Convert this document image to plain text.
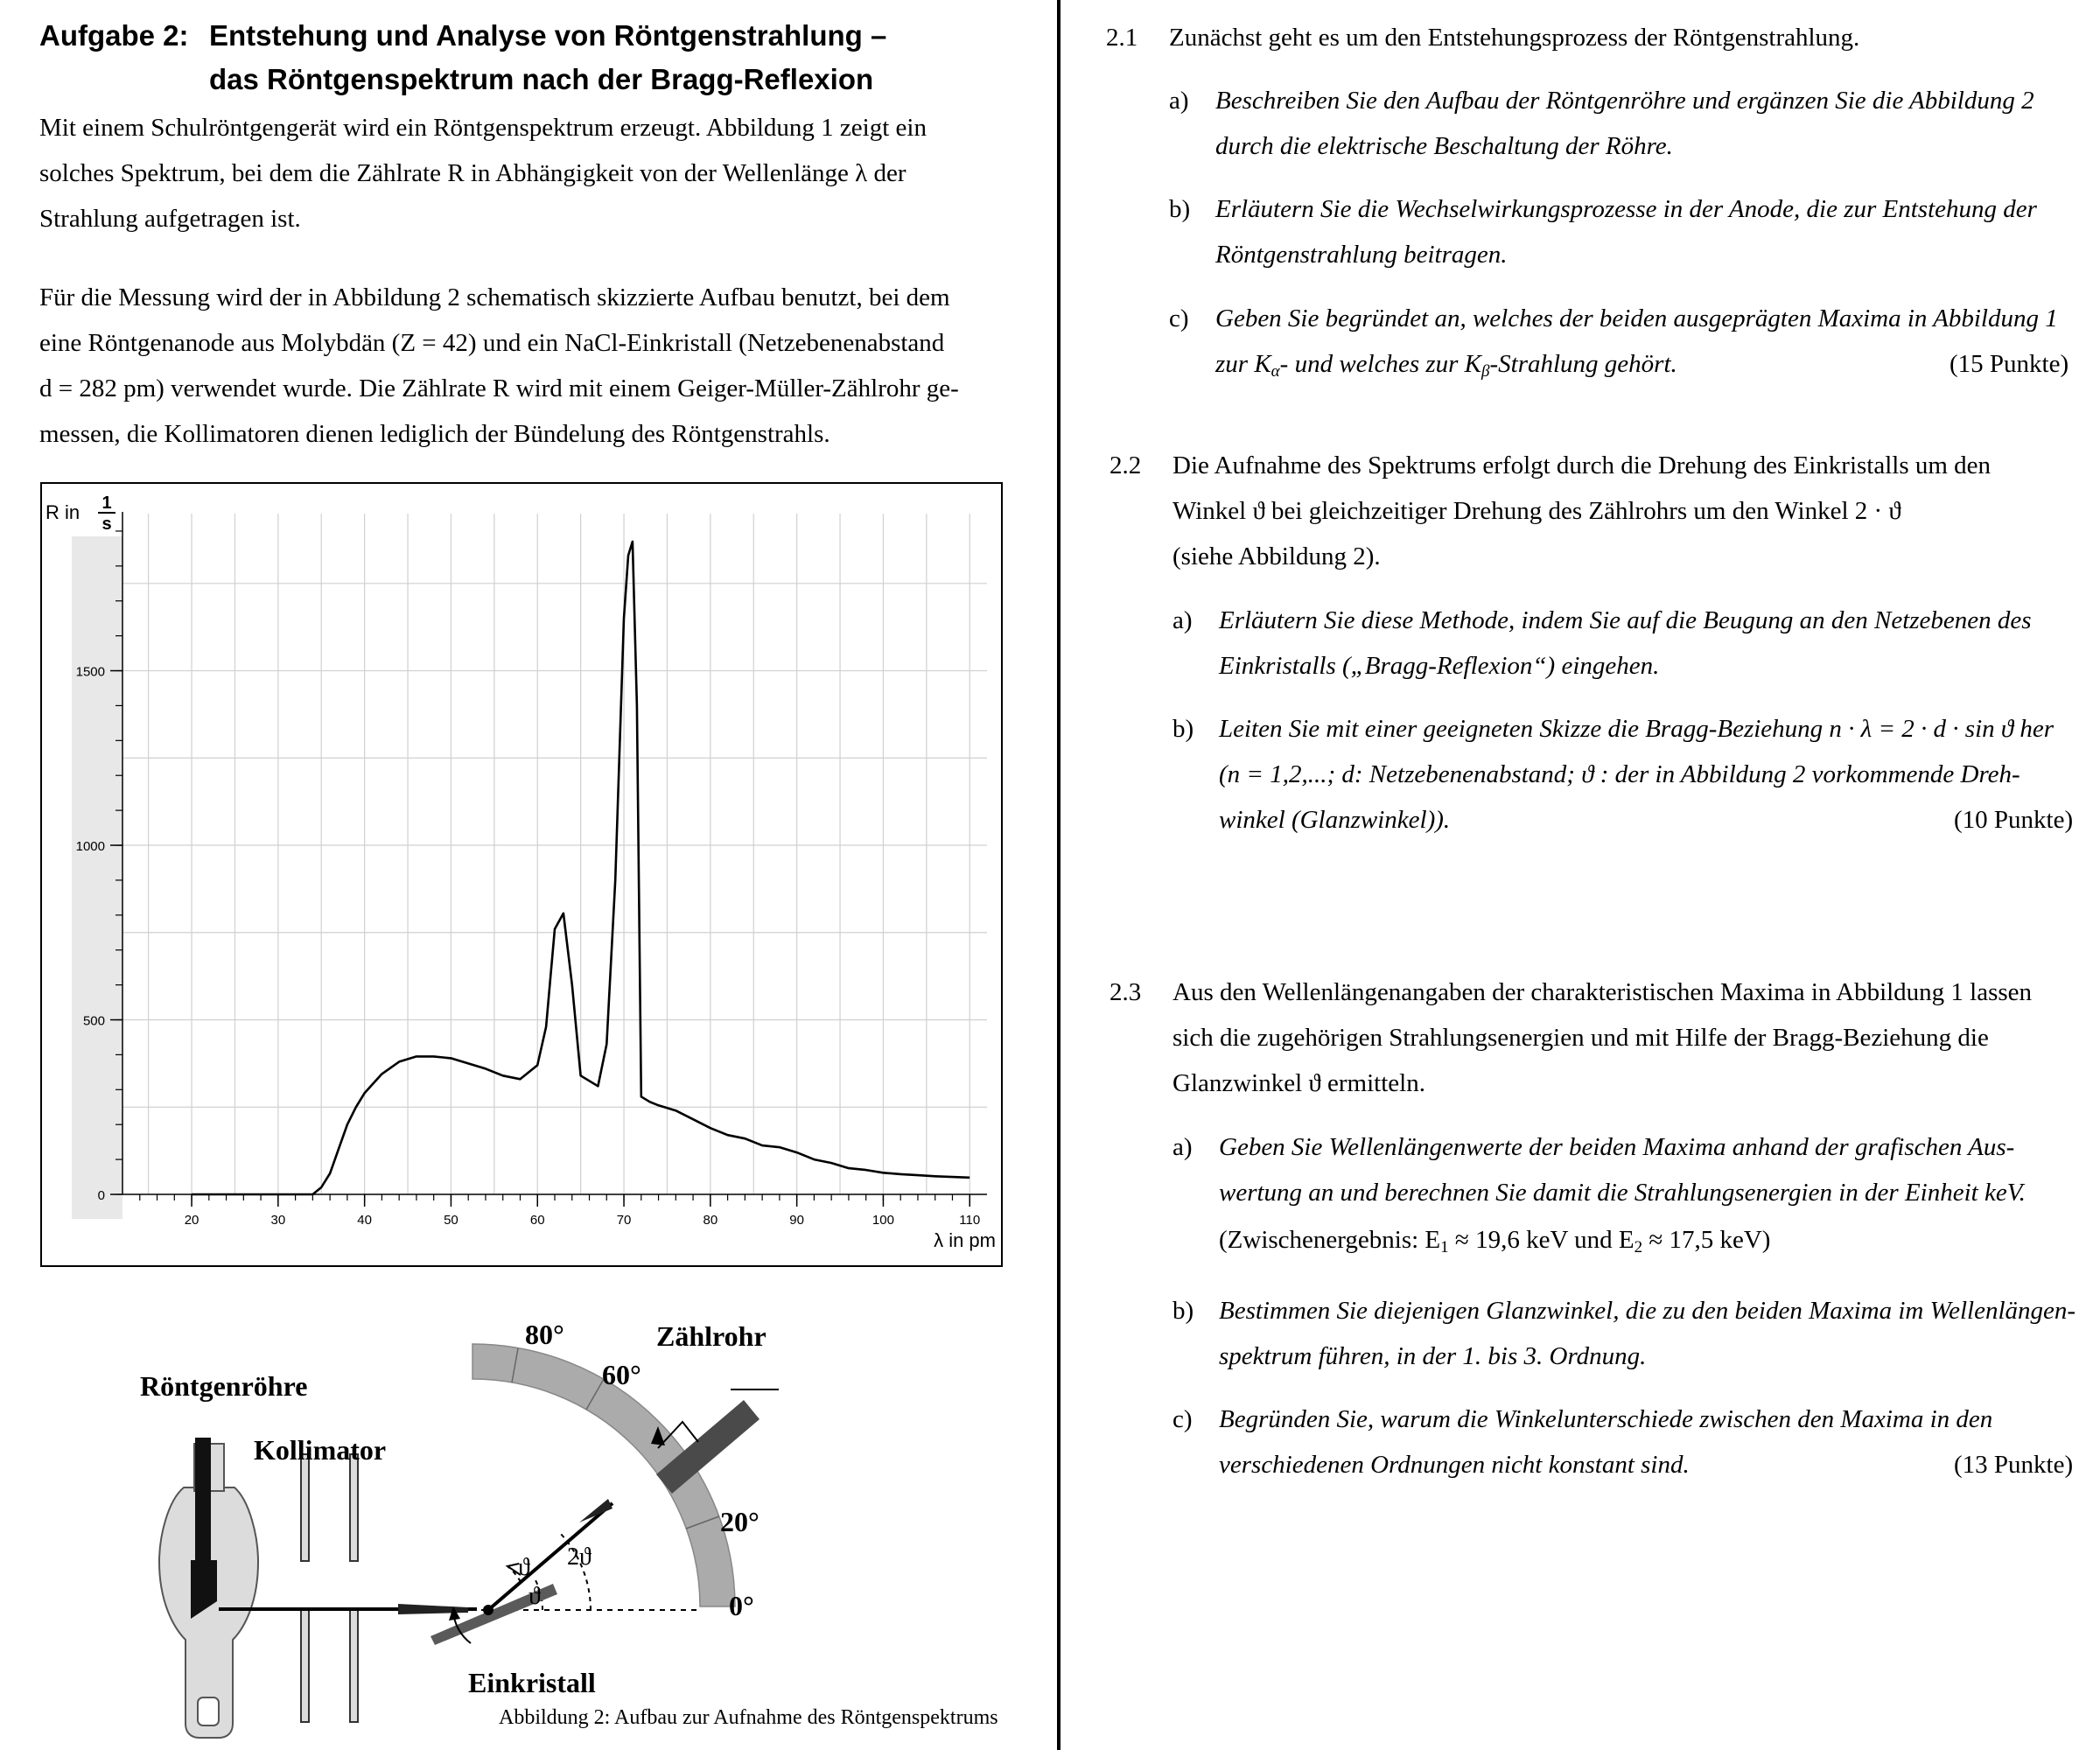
Aufgabe 2: Entstehung und Analyse von Röntgenstrahlung –
das Röntgenspektrum nach der Bragg-Reflexion

Mit einem Schulröntgengerät wird ein Röntgenspektrum erzeugt. Abbildung 1 zeigt ein

solches Spektrum, bei dem die Zählrate R in Abhängigkeit von der Wellenlänge λ der

Strahlung aufgetragen ist.

Für die Messung wird der in Abbildung 2 schematisch skizzierte Aufbau benutzt, bei dem

eine Röntgenanode aus Molybdän (Z = 42) und ein NaCl-Einkristall (Netzebenenabstand

d = 282 pm) verwendet wurde. Die Zählrate R wird mit einem Geiger-Müller-Zählrohr ge-

messen, die Kollimatoren dienen lediglich der Bündelung des Röntgenstrahls.

0
500
1000
1500
20	30	40	50	60	70	80	90	100	110
R in 1
s
λ in pm
80°
60°
20°
0°
Röntgenröhre
Kollimator
Zählrohr
Einkristall
2ϑ
ϑ
ϑ
Abbildung 2: Aufbau zur Aufnahme des Röntgenspektrums
2.1 Zunächst geht es um den Entstehungsprozess der Röntgenstrahlung.
a) Beschreiben Sie den Aufbau der Röntgenröhre und ergänzen Sie die Abbildung 2
durch die elektrische Beschaltung der Röhre.
b) Erläutern Sie die Wechselwirkungsprozesse in der Anode, die zur Entstehung der
Röntgenstrahlung beitragen.
c) Geben Sie begründet an, welches der beiden ausgeprägten Maxima in Abbildung 1
zur $K_\alpha-$ und welches zur $K_\beta$-Strahlung gehört.	(15 Punkte)
2.2 Die Aufnahme des Spektrums erfolgt durch die Drehung des Einkristalls um den
Winkel ϑ bei gleichzeitiger Drehung des Zählrohrs um den Winkel 2 · ϑ
(siehe Abbildung 2).
a) Erläutern Sie diese Methode, indem Sie auf die Beugung an den Netzebenen des
Einkristalls („Bragg-Reflexion“) eingehen.
b) Leiten Sie mit einer geeigneten Skizze die Bragg-Beziehung n · λ = 2 · d · sin ϑ her
(n = 1,2,...; d: Netzebenenabstand; ϑ : der in Abbildung 2 vorkommende Dreh-
winkel (Glanzwinkel)).	(10 Punkte)
2.3 Aus den Wellenlängenangaben der charakteristischen Maxima in Abbildung 1 lassen
sich die zugehörigen Strahlungsenergien und mit Hilfe der Bragg-Beziehung die
Glanzwinkel ϑ ermitteln.
a) Geben Sie Wellenlängenwerte der beiden Maxima anhand der grafischen Aus-
wertung an und berechnen Sie damit die Strahlungsenergien in der Einheit keV.
(Zwischenergebnis: $E_1 \approx 19,6$ keV und $E_2 \approx 17,5$ keV)
b) Bestimmen Sie diejenigen Glanzwinkel, die zu den beiden Maxima im Wellenlängen-
spektrum führen, in der 1. bis 3. Ordnung.
c) Begründen Sie, warum die Winkelunterschiede zwischen den Maxima in den
verschiedenen Ordnungen nicht konstant sind.	(13 Punkte)
